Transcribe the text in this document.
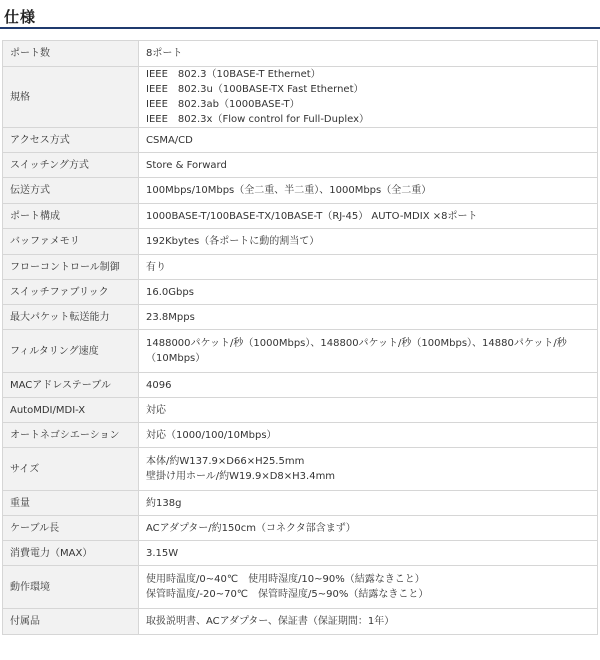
仕様
ポート数	8ポート

規格	IEEE　802.3（10BASE-T Ethernet）
IEEE　802.3u（100BASE-TX Fast Ethernet）
IEEE　802.3ab（1000BASE-T）
IEEE　802.3x（Flow control for Full-Duplex）

アクセス方式	CSMA/CD

スイッチング方式	Store & Forward

伝送方式	100Mbps/10Mbps（全二重、半二重）、1000Mbps（全二重）

ポート構成	1000BASE-T/100BASE-TX/10BASE-T（RJ-45） AUTO-MDIX ×8ポート

バッファメモリ	192Kbytes（各ポートに動的割当て）

フローコントロール制御	有り

スイッチファブリック	16.0Gbps

最大パケット転送能力	23.8Mpps

フィルタリング速度	1488000パケット/秒（1000Mbps）、148800パケット/秒（100Mbps）、14880パケット/秒
（10Mbps）

MACアドレステーブル	4096

AutoMDI/MDI-X	対応

オートネゴシエーション	対応（1000/100/10Mbps）

サイズ	本体/約W137.9×D66×H25.5mm
壁掛け用ホール/約W19.9×D8×H3.4mm

重量	約138g

ケーブル長	ACアダプター/約150cm（コネクタ部含まず）

消費電力（MAX）	3.15W

動作環境	使用時温度/0~40℃　使用時湿度/10~90%（結露なきこと）
保管時温度/-20~70℃　保管時湿度/5~90%（結露なきこと）

付属品	取扱説明書、ACアダプター、保証書（保証期間：1年）
